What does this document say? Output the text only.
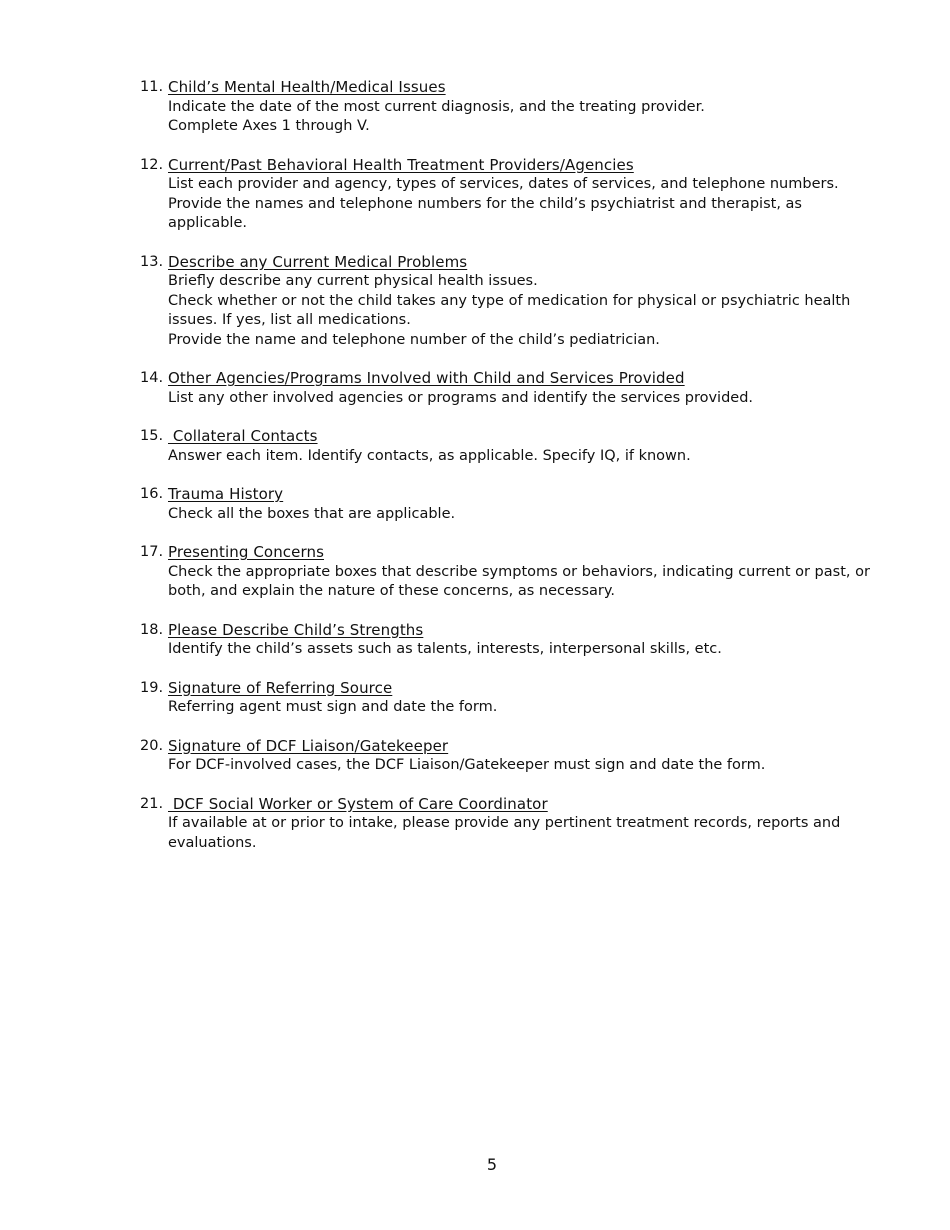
11. Child’s Mental Health/Medical Issues
Indicate the date of the most current diagnosis, and the treating provider.
Complete Axes 1 through V.
12. Current/Past Behavioral Health Treatment Providers/Agencies
List each provider and agency, types of services, dates of services, and telephone numbers. Provide the names and telephone numbers for the child’s psychiatrist and therapist, as applicable.
13. Describe any Current Medical Problems
Briefly describe any current physical health issues.
Check whether or not the child takes any type of medication for physical or psychiatric health issues. If yes, list all medications.
Provide the name and telephone number of the child’s pediatrician.
14. Other Agencies/Programs Involved with Child and Services Provided
List any other involved agencies or programs and identify the services provided.
15. Collateral Contacts
Answer each item. Identify contacts, as applicable. Specify IQ, if known.
16. Trauma History
Check all the boxes that are applicable.
17. Presenting Concerns
Check the appropriate boxes that describe symptoms or behaviors, indicating current or past, or both, and explain the nature of these concerns, as necessary.
18. Please Describe Child’s Strengths
Identify the child’s assets such as talents, interests, interpersonal skills, etc.
19. Signature of Referring Source
Referring agent must sign and date the form.
20. Signature of DCF Liaison/Gatekeeper
For DCF-involved cases, the DCF Liaison/Gatekeeper must sign and date the form.
21. DCF Social Worker or System of Care Coordinator
If available at or prior to intake, please provide any pertinent treatment records, reports and evaluations.
5
